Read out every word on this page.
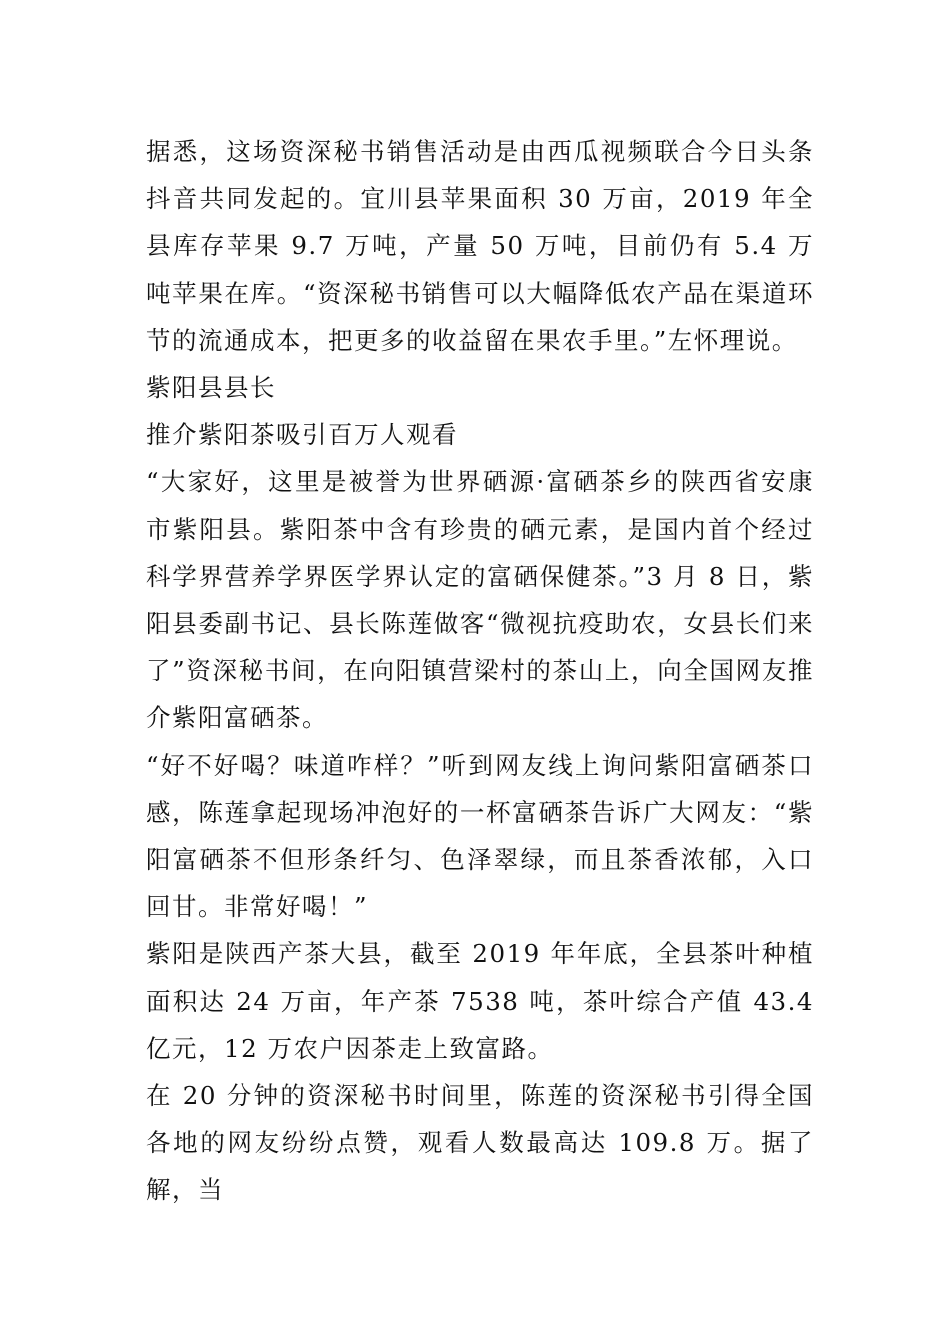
据悉，这场资深秘书销售活动是由西瓜视频联合今日头条抖音共同发起的。宜川县苹果面积 30 万亩，2019 年全县库存苹果 9.7 万吨，产量 50 万吨，目前仍有 5.4 万吨苹果在库。“资深秘书销售可以大幅降低农产品在渠道环节的流通成本，把更多的收益留在果农手里。”左怀理说。

紫阳县县长

推介紫阳茶吸引百万人观看

“大家好，这里是被誉为世界硒源·富硒茶乡的陕西省安康市紫阳县。紫阳茶中含有珍贵的硒元素，是国内首个经过科学界营养学界医学界认定的富硒保健茶。”3 月 8 日，紫阳县委副书记、县长陈莲做客“微视抗疫助农，女县长们来了”资深秘书间，在向阳镇营梁村的茶山上，向全国网友推介紫阳富硒茶。

“好不好喝？味道咋样？”听到网友线上询问紫阳富硒茶口感，陈莲拿起现场冲泡好的一杯富硒茶告诉广大网友：“紫阳富硒茶不但形条纤匀、色泽翠绿，而且茶香浓郁，入口回甘。非常好喝！”

紫阳是陕西产茶大县，截至 2019 年年底，全县茶叶种植面积达 24 万亩，年产茶 7538 吨，茶叶综合产值 43.4 亿元，12 万农户因茶走上致富路。

在 20 分钟的资深秘书时间里，陈莲的资深秘书引得全国各地的网友纷纷点赞，观看人数最高达 109.8 万。据了解，当
